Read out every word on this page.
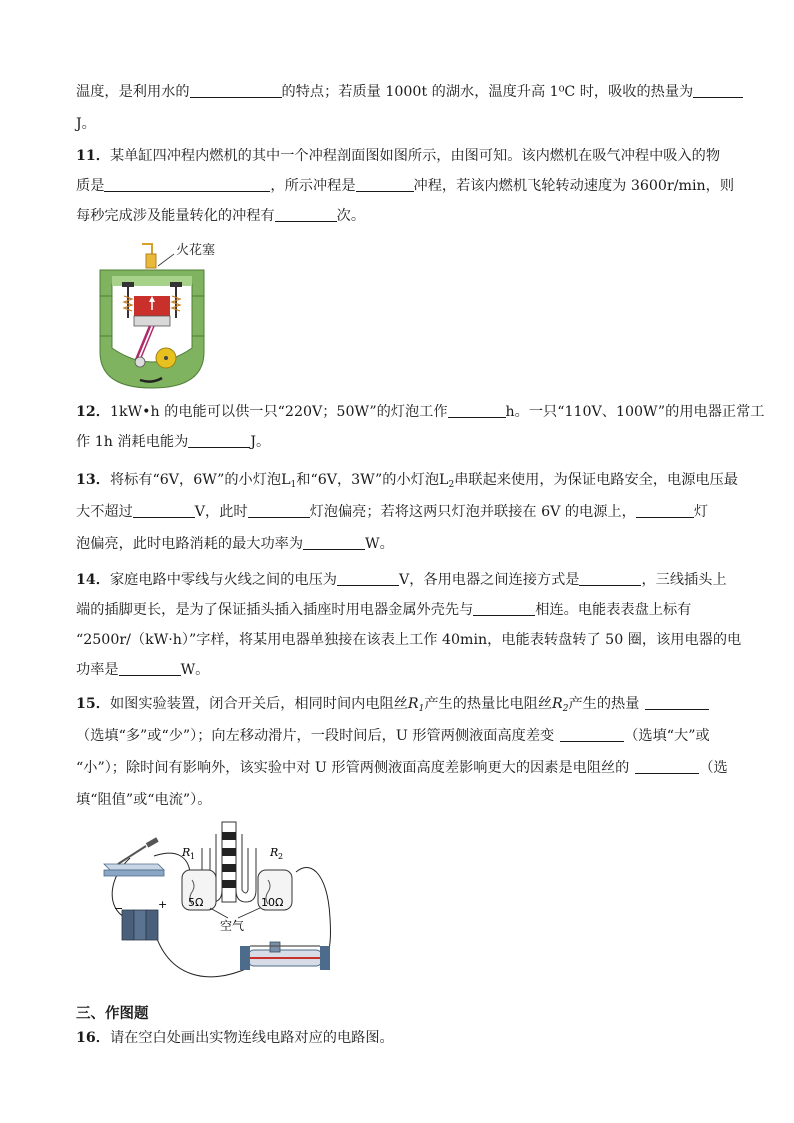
温度，是利用水的	的特点；若质量 1000t 的湖水，温度升高 1⁰C 时，吸收的热量为
J。
11．某单缸四冲程内燃机的其中一个冲程剖面图如图所示，由图可知。该内燃机在吸气冲程中吸入的物
质是	，所示冲程是	冲程，若该内燃机飞轮转动速度为 3600r/min，则
每秒完成涉及能量转化的冲程有	次。
火花塞
12．1kW•h 的电能可以供一只“220V；50W”的灯泡工作	h。一只“110V、100W”的用电器正常工
作 1h 消耗电能为	J。
13．将标有“6V，6W”的小灯泡$L_1$和“6V，3W”的小灯泡$L_2$串联起来使用，为保证电路安全，电源电压最
大不超过	V，此时	灯泡偏亮；若将这两只灯泡并联接在 6V 的电源上，	灯
泡偏亮，此时电路消耗的最大功率为	W。
14．家庭电路中零线与火线之间的电压为	V，各用电器之间连接方式是	，三线插头上
端的插脚更长，是为了保证插头插入插座时用电器金属外壳先与	相连。电能表表盘上标有
“2500r/（kW·h）”字样，将某用电器单独接在该表上工作 40min，电能表转盘转了 50 圈，该用电器的电
功率是	W。
15．如图实验装置，闭合开关后，相同时间内电阻丝$R_1$产生的热量比电阻丝$R_2$产生的热量
（选填“多”或“少”）；向左移动滑片，一段时间后，U 形管两侧液面高度差变	（选填“大”或
“小”）；除时间有影响外，该实验中对 U 形管两侧液面高度差影响更大的因素是电阻丝的	（选
填“阻值”或“电流”）。
−	+
R 1	R 2
5Ω	10Ω
空气
三、作图题
16．请在空白处画出实物连线电路对应的电路图。
